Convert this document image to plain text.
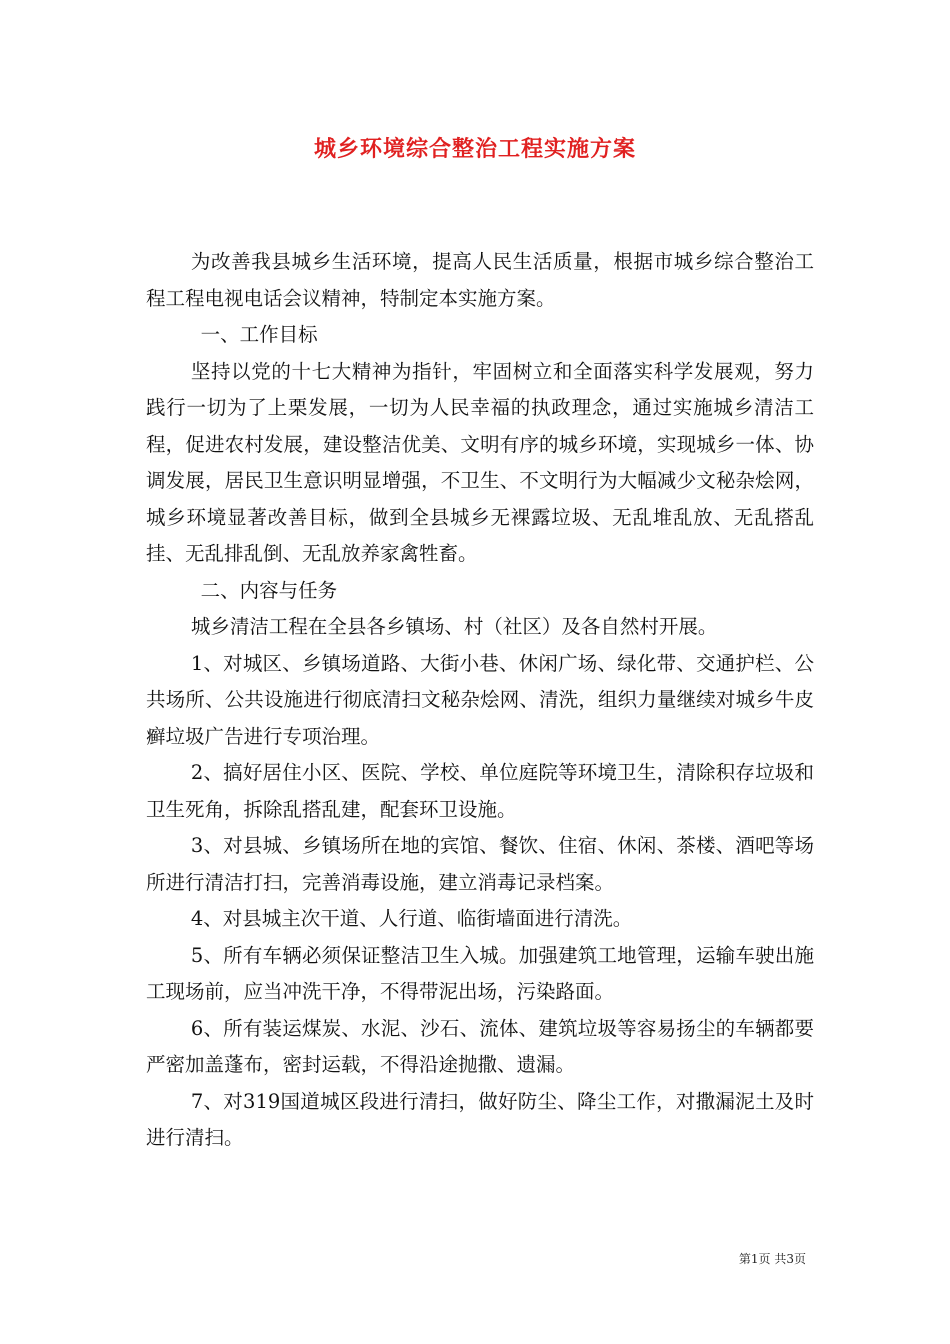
城乡环境综合整治工程实施方案

为改善我县城乡生活环境，提高人民生活质量，根据市城乡综合整治工程工程电视电话会议精神，特制定本实施方案。

一、工作目标

坚持以党的十七大精神为指针，牢固树立和全面落实科学发展观，努力践行一切为了上栗发展，一切为人民幸福的执政理念，通过实施城乡清洁工程，促进农村发展，建设整洁优美、文明有序的城乡环境，实现城乡一体、协调发展，居民卫生意识明显增强，不卫生、不文明行为大幅减少文秘杂烩网，城乡环境显著改善目标，做到全县城乡无裸露垃圾、无乱堆乱放、无乱搭乱挂、无乱排乱倒、无乱放养家禽牲畜。

二、内容与任务

城乡清洁工程在全县各乡镇场、村（社区）及各自然村开展。

1、对城区、乡镇场道路、大街小巷、休闲广场、绿化带、交通护栏、公共场所、公共设施进行彻底清扫文秘杂烩网、清洗，组织力量继续对城乡牛皮癣垃圾广告进行专项治理。

2、搞好居住小区、医院、学校、单位庭院等环境卫生，清除积存垃圾和卫生死角，拆除乱搭乱建，配套环卫设施。

3、对县城、乡镇场所在地的宾馆、餐饮、住宿、休闲、茶楼、酒吧等场所进行清洁打扫，完善消毒设施，建立消毒记录档案。

4、对县城主次干道、人行道、临街墙面进行清洗。

5、所有车辆必须保证整洁卫生入城。加强建筑工地管理，运输车驶出施工现场前，应当冲洗干净，不得带泥出场，污染路面。

6、所有装运煤炭、水泥、沙石、流体、建筑垃圾等容易扬尘的车辆都要严密加盖蓬布，密封运载，不得沿途抛撒、遗漏。

7、对319国道城区段进行清扫，做好防尘、降尘工作，对撒漏泥土及时进行清扫。

第1页 共3页
